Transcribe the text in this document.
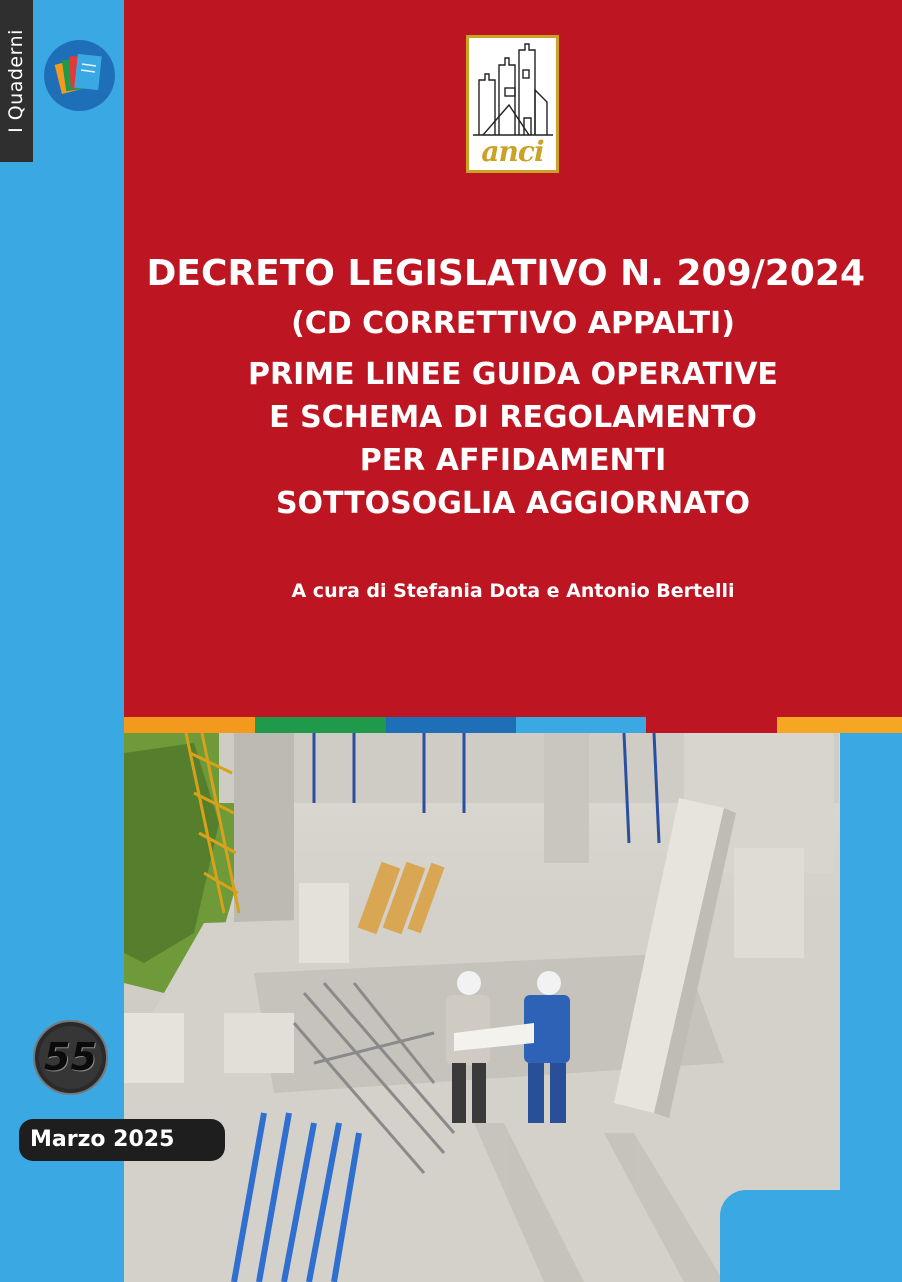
I Quaderni
anci
DECRETO LEGISLATIVO N. 209/2024
(CD CORRETTIVO APPALTI)
PRIME LINEE GUIDA OPERATIVE
E SCHEMA DI REGOLAMENTO
PER AFFIDAMENTI
SOTTOSOGLIA AGGIORNATO
A cura di Stefania Dota e Antonio Bertelli
55
Marzo 2025
